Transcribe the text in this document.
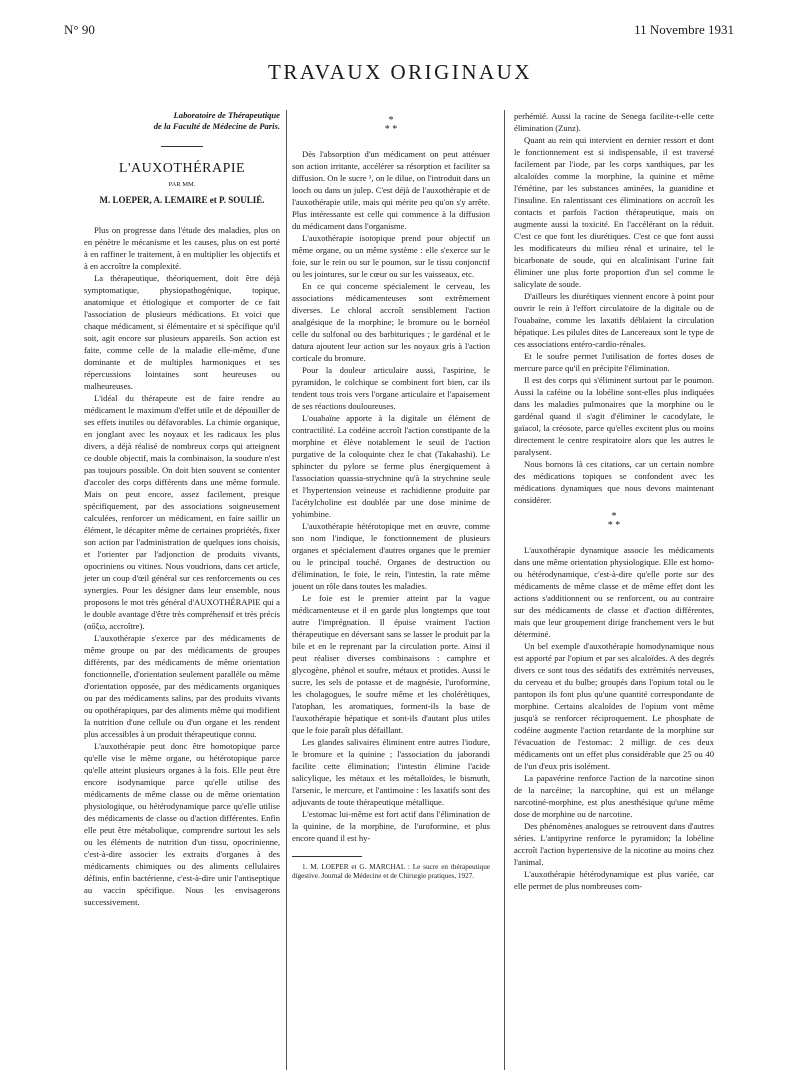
N° 90	11 Novembre 1931
TRAVAUX ORIGINAUX
Laboratoire de Thérapeutique
de la Faculté de Médecine de Paris.
L'AUXOTHÉRAPIE
PAR MM.
M. LOEPER, A. LEMAIRE et P. SOULIÉ.

Plus on progresse dans l'étude des maladies, plus on en pénètre le mécanisme et les causes, plus on est porté à en raffiner le traitement, à en multiplier les objectifs et à en accroître la complexité.

La thérapeutique, théoriquement, doit être déjà symptomatique, physiopathogénique, topique, anatomique et étiologique et comporter de ce fait l'association de plusieurs médications. Et voici que chaque médicament, si élémentaire et si spécifique qu'il soit, agit encore sur plusieurs appareils. Son action est faite, comme celle de la maladie elle-même, d'une dominante et de multiples harmoniques et ses répercussions lointaines sont heureuses ou malheureuses.

L'idéal du thérapeute est de faire rendre au médicament le maximum d'effet utile et de dépouiller de ses effets inutiles ou défavorables. La chimie organique, en jonglant avec les noyaux et les radicaux les plus divers, a déjà réalisé de nombreux corps qui atteignent ce double objectif, mais la combinaison, la soudure n'est pas toujours possible. On doit bien souvent se contenter d'accoler des corps différents dans une même formule. Mais on peut encore, assez facilement, presque spécifiquement, par des associations soigneusement calculées, renforcer un médicament, en faire saillir un élément, le décapiter même de certaines propriétés, fixer son action par l'administration de quelques ions choisis, et l'orienter par l'adjonction de produits vivants, opocriniens ou vitines. Nous voudrions, dans cet article, jeter un coup d'œil général sur ces renforcements ou ces synergies. Pour les désigner dans leur ensemble, nous proposons le mot très général d'AUXOTHÉRAPIE qui a le double avantage d'être très compréhensif et très précis (αὔξω, accroître).

L'auxothérapie s'exerce par des médicaments de même groupe ou par des médicaments de groupes différents, par des médicaments de même orientation fonctionnelle, d'orientation seulement parallèle ou même d'orientation opposée, par des médicaments organiques ou par des médicaments salins, par des produits vivants ou opothérapiques, par des aliments même qui modifient la nutrition d'une cellule ou d'un organe et les rendent plus accessibles à un produit thérapeutique connu.

L'auxothérapie peut donc être homotopique parce qu'elle vise le même organe, ou hétérotopique parce qu'elle atteint plusieurs organes à la fois. Elle peut être encore isodynamique parce qu'elle utilise des médicaments de même classe ou de même orientation physiologique, ou hétérodynamique parce qu'elle utilise des médicaments de classe ou d'action différentes. Enfin elle peut être métabolique, comprendre surtout les sels ou les éléments de nutrition d'un tissu, opocrinienne, c'est-à-dire associer les extraits d'organes à des médicaments chimiques ou des aliments cellulaires définis, enfin bactérienne, c'est-à-dire unir l'antiseptique au vaccin spécifique. Nous les envisagerons successivement.

*
* *

Dès l'absorption d'un médicament on peut atténuer son action irritante, accélérer sa résorption et faciliter sa diffusion. On le sucre ¹, on le dilue, on l'introduit dans un looch ou dans un julep. C'est déjà de l'auxothérapie et de l'auxothérapie utile, mais qui mérite peu qu'on s'y arrête. Plus intéressante est celle qui commence à la diffusion du médicament dans l'organisme.

L'auxothérapie isotopique prend pour objectif un même organe, ou un même système : elle s'exerce sur le foie, sur le rein ou sur le poumon, sur le tissu conjonctif ou les jointures, sur le cœur ou sur les vaisseaux, etc.

En ce qui concerne spécialement le cerveau, les associations médicamenteuses sont extrêmement diverses. Le chloral accroît sensiblement l'action analgésique de la morphine; le bromure ou le bornéol celle du sulfonal ou des barbituriques ; le gardénal et le datura ajoutent leur action sur les noyaux gris à l'action corticale du bromure.

Pour la douleur articulaire aussi, l'aspirine, le pyramidon, le colchique se combinent fort bien, car ils tendent tous trois vers l'organe articulaire et l'apaisement de ses réactions douloureuses.

L'ouabaïne apporte à la digitale un élément de contractilité. La codéine accroît l'action constipante de la morphine et élève notablement le seuil de l'action purgative de la coloquinte chez le chat (Takahashi). Le sphincter du pylore se ferme plus énergiquement à l'association quassia-strychnine qu'à la strychnine seule et l'hypertension veineuse et rachidienne produite par l'acétylcholine est doublée par une dose minime de yohimbine.

L'auxothérapie hétérotopique met en œuvre, comme son nom l'indique, le fonctionnement de plusieurs organes et spécialement d'autres organes que le premier ou le principal touché. Organes de destruction ou d'élimination, le foie, le rein, l'intestin, la rate même jouent un rôle dans toutes les maladies.

Le foie est le premier atteint par la vague médicamenteuse et il en garde plus longtemps que tout autre l'imprégnation. Il épuise vraiment l'action thérapeutique en déversant sans se lasser le produit par la bile et en le reprenant par la circulation porte. Ainsi il peut réaliser diverses combinaisons : camphre et glycogène, phénol et soufre, métaux et protides. Aussi le sucre, les sels de potasse et de magnésie, l'uroformine, les cholagogues, le soufre même et les cholérétiques, l'atophan, les aromatiques, forment-ils la base de l'auxothérapie hépatique et sont-ils d'autant plus utiles que le foie paraît plus défaillant.

Les glandes salivaires éliminent entre autres l'iodure, le bromure et la quinine ; l'association du jaborandi facilite cette élimination; l'intestin élimine l'acide salicylique, les métaux et les métalloïdes, le bismuth, l'arsenic, le mercure, et l'antimoine : les laxatifs sont des adjuvants de toute thérapeutique métallique.

L'estomac lui-même est fort actif dans l'élimination de la quinine, de la morphine, de l'uroformine, et plus encore quand il est hy-

1. M. LOEPER et G. MARCHAL : Le sucre en thérapeutique digestive. Journal de Médecine et de Chirurgie pratiques, 1927.

perhémié. Aussi la racine de Senega facilite-t-elle cette élimination (Zunz).

Quant au rein qui intervient en dernier ressort et dont le fonctionnement est si indispensable, il est traversé facilement par l'iode, par les corps xanthiques, par les alcaloïdes comme la morphine, la quinine et même l'émétine, par les substances aminées, la guanidine et l'insuline. En ralentissant ces éliminations on accroît les contacts et parfois l'action thérapeutique, mais on augmente aussi la toxicité. En l'accélérant on la réduit. C'est ce que font les diurétiques. C'est ce que font aussi les modificateurs du milieu rénal et urinaire, tel le bicarbonate de soude, qui en alcalinisant l'urine fait éliminer une plus forte proportion d'un sel comme le salicylate de soude.

D'ailleurs les diurétiques viennent encore à point pour ouvrir le rein à l'effort circulatoire de la digitale ou de l'ouabaïne, comme les laxatifs déblaient la circulation hépatique. Les pilules dites de Lancereaux sont le type de ces associations entéro-cardio-rénales.

Et le soufre permet l'utilisation de fortes doses de mercure parce qu'il en précipite l'élimination.

Il est des corps qui s'éliminent surtout par le poumon. Aussi la caféine ou la lobéline sont-elles plus indiquées dans les maladies pulmonaires que la morphine ou le gardénal quand il s'agit d'éliminer le cacodylate, le gaïacol, la créosote, parce qu'elles excitent plus ou moins directement le centre respiratoire alors que les autres le paralysent.

Nous bornons là ces citations, car un certain nombre des médications topiques se confondent avec les médications dynamiques que nous devons maintenant considérer.

*
* *

L'auxothérapie dynamique associe les médicaments dans une même orientation physiologique. Elle est homo- ou hétérodynamique, c'est-à-dire qu'elle porte sur des médicaments de même classe et de même effet dont les actions s'additionnent ou se renforcent, ou au contraire sur des médicaments de classe et d'action différentes, mais que leur groupement dirige franchement vers le but déterminé.

Un bel exemple d'auxothérapie homodynamique nous est apporté par l'opium et par ses alcaloïdes. A des degrés divers ce sont tous des sédatifs des extrémités nerveuses, du cerveau et du bulbe; groupés dans l'opium total ou le pantopon ils font plus qu'une quantité correspondante de morphine. Certains alcaloïdes de l'opium vont même jusqu'à se renforcer réciproquement. Le phosphate de codéine augmente l'action retardante de la morphine sur l'évacuation de l'estomac: 2 milligr. de ces deux médicaments ont un effet plus considérable que 25 ou 40 de l'un d'eux pris isolément.

La papavérine renforce l'action de la narcotine sinon de la narcéine; la narcophine, qui est un mélange narcotiné-morphine, est plus anesthésique qu'une même dose de morphine ou de narcotine.

Des phénomènes analogues se retrouvent dans d'autres séries. L'antipyrine renforce le pyramidon; la lobéline accroît l'action hypertensive de la nicotine au moins chez l'animal.

L'auxothérapie hétérodynamique est plus variée, car elle permet de plus nombreuses com-
